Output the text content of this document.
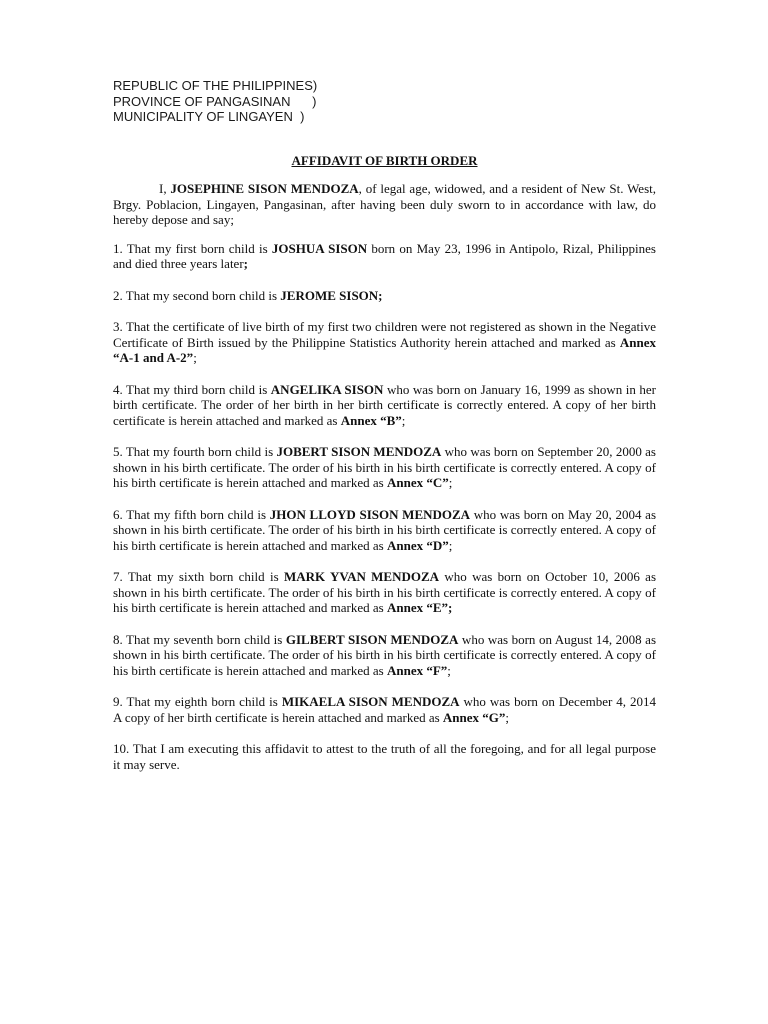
REPUBLIC OF THE PHILIPPINES)
PROVINCE OF PANGASINAN      )
MUNICIPALITY OF LINGAYEN  )
AFFIDAVIT OF BIRTH ORDER

I, JOSEPHINE SISON MENDOZA, of legal age, widowed, and a resident of New St. West, Brgy. Poblacion, Lingayen, Pangasinan, after having been duly sworn to in accordance with law, do hereby depose and say;

1. That my first born child is JOSHUA SISON born on May 23, 1996 in Antipolo, Rizal, Philippines and died three years later;

2. That my second born child is JEROME SISON;

3. That the certificate of live birth of my first two children were not registered as shown in the Negative Certificate of Birth issued by the Philippine Statistics Authority herein attached and marked as Annex “A-1 and A-2”;

4. That my third born child is ANGELIKA SISON who was born on January 16, 1999 as shown in her birth certificate. The order of her birth in her birth certificate is correctly entered. A copy of her birth certificate is herein attached and marked as Annex “B”;

5. That my fourth born child is JOBERT SISON MENDOZA who was born on September 20, 2000 as shown in his birth certificate. The order of his birth in his birth certificate is correctly entered. A copy of his birth certificate is herein attached and marked as Annex “C”;

6. That my fifth born child is JHON LLOYD SISON MENDOZA who was born on May 20, 2004 as shown in his birth certificate. The order of his birth in his birth certificate is correctly entered. A copy of his birth certificate is herein attached and marked as Annex “D”;

7. That my sixth born child is MARK YVAN MENDOZA who was born on October 10, 2006 as shown in his birth certificate. The order of his birth in his birth certificate is correctly entered. A copy of his birth certificate is herein attached and marked as Annex “E”;

8. That my seventh born child is GILBERT SISON MENDOZA who was born on August 14, 2008 as shown in his birth certificate. The order of his birth in his birth certificate is correctly entered. A copy of his birth certificate is herein attached and marked as Annex “F”;

9. That my eighth born child is MIKAELA SISON MENDOZA who was born on December 4, 2014 A copy of her birth certificate is herein attached and marked as Annex “G”;

10. That I am executing this affidavit to attest to the truth of all the foregoing, and for all legal purpose it may serve.
